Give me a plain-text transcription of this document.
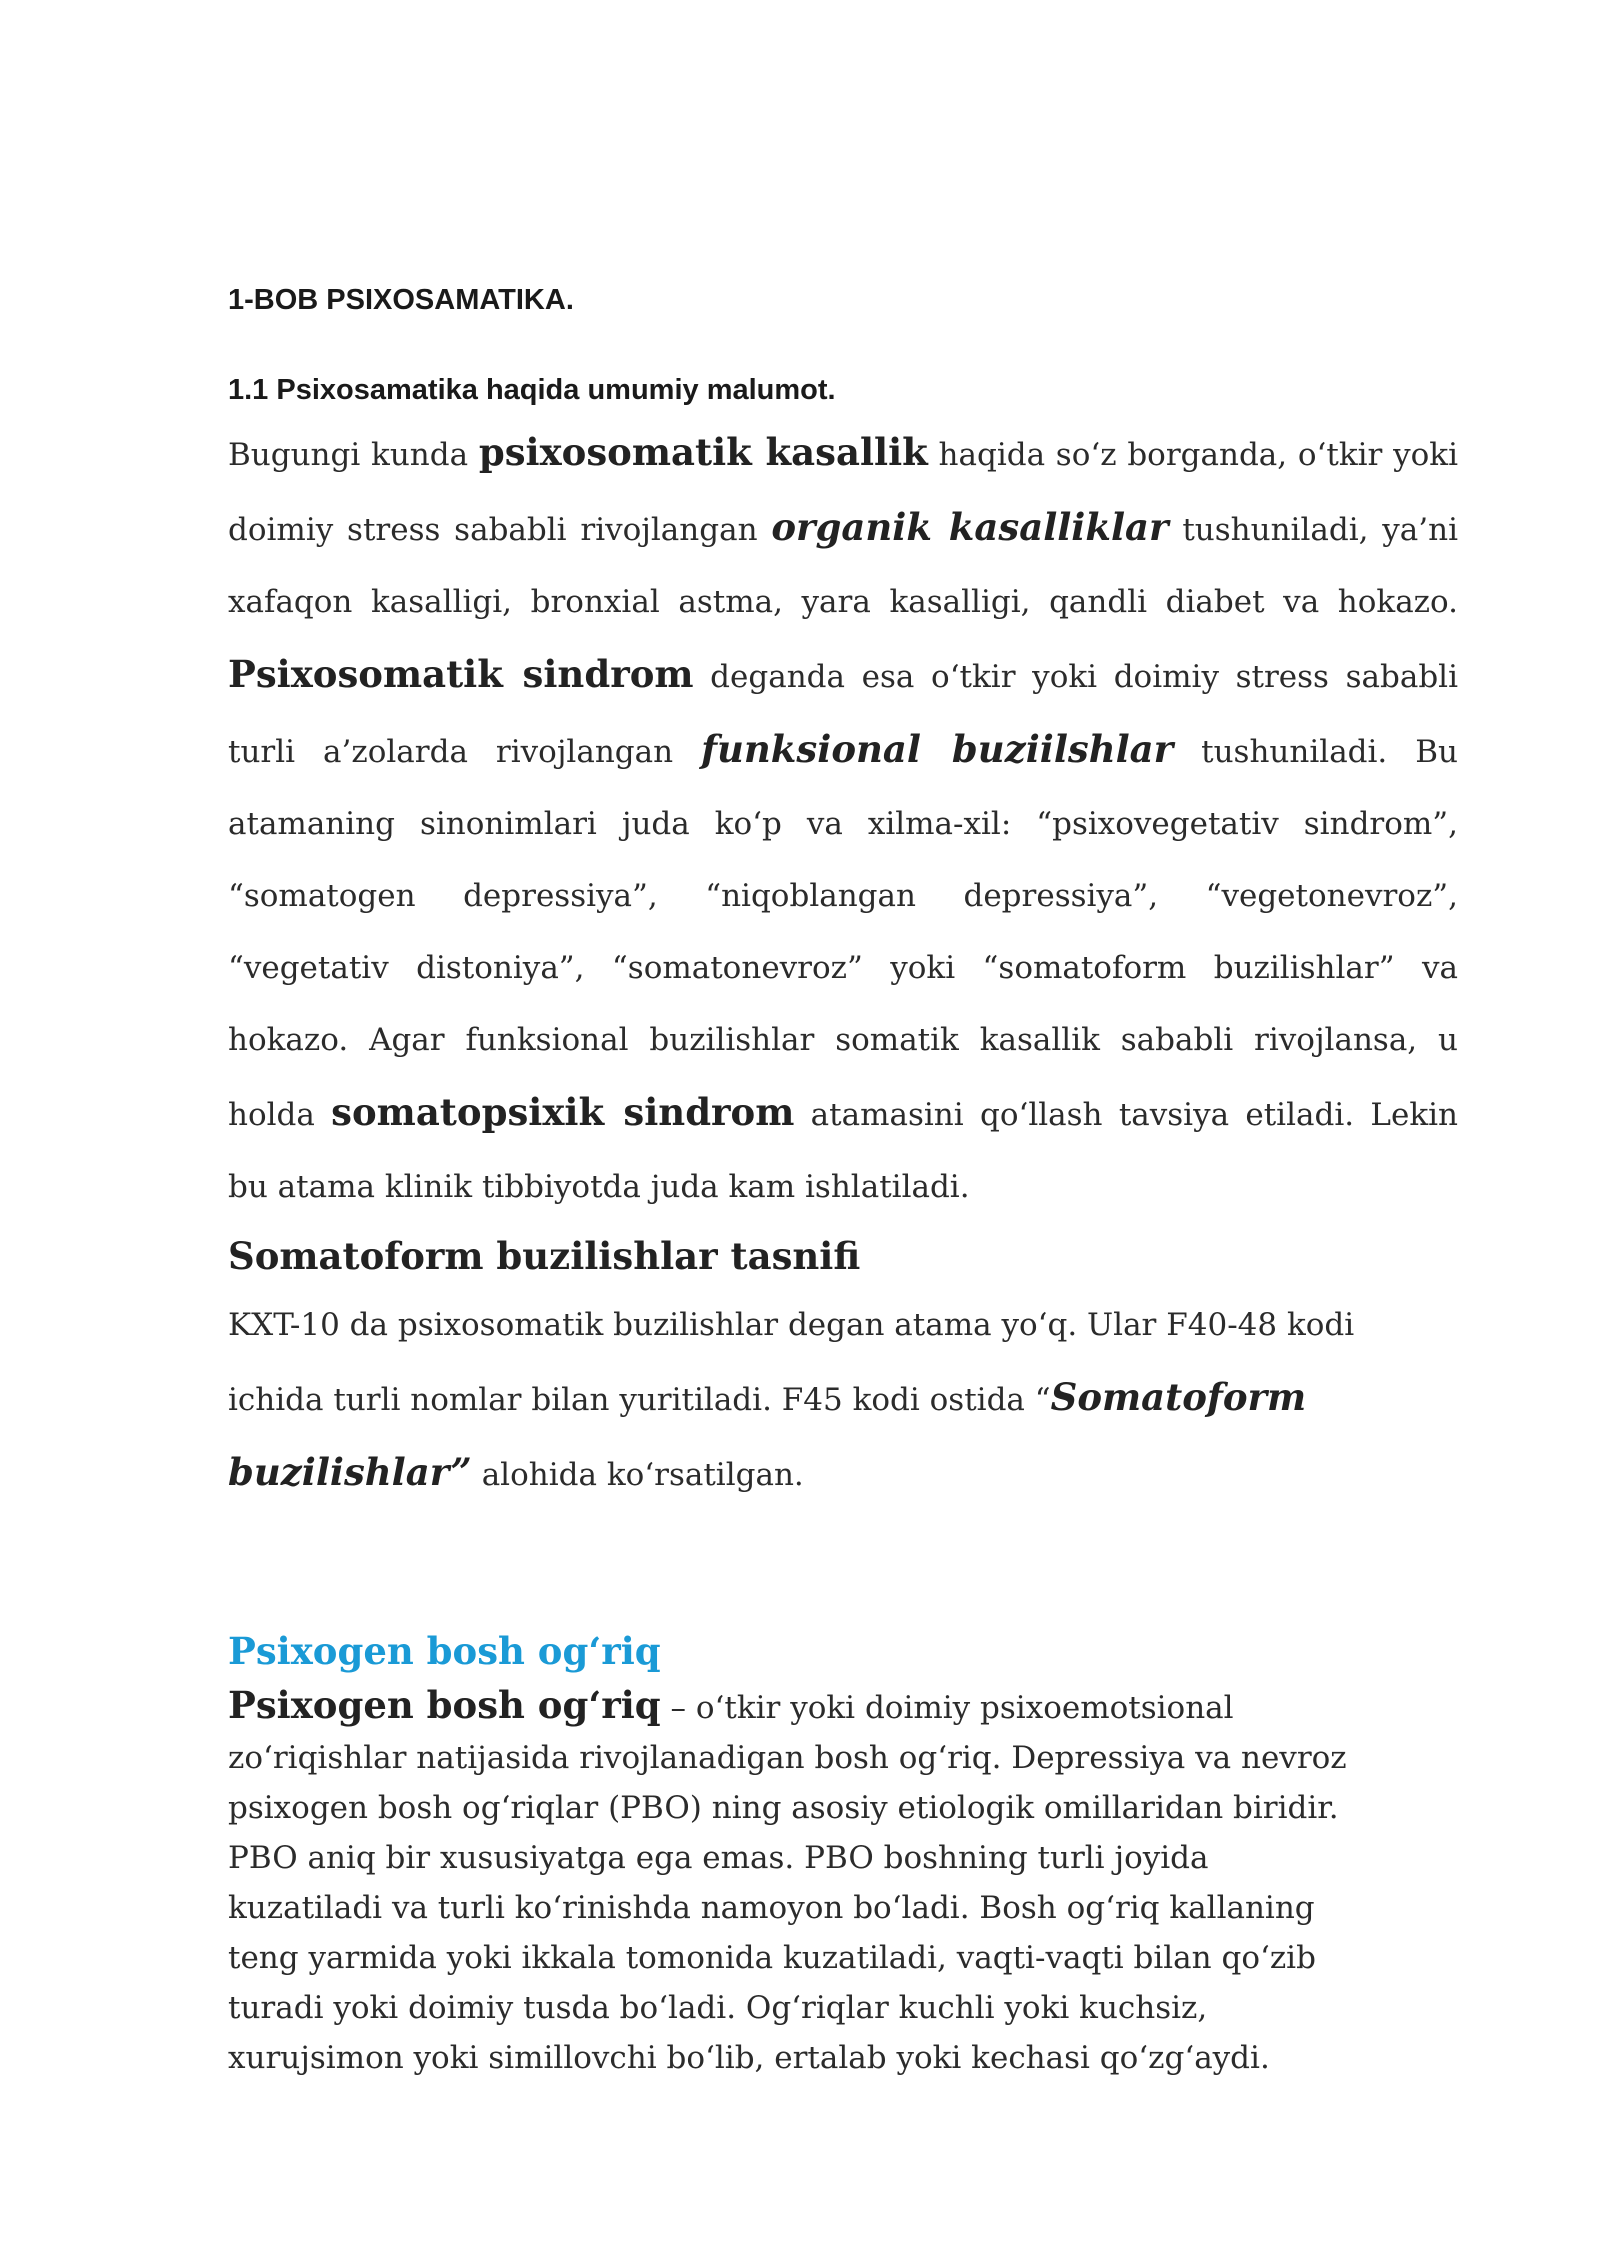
1-BOB PSIXOSAMATIKA.
1.1 Psixosamatika haqida umumiy malumot.

Bugungi kunda psixosomatik kasallik haqida so‘z borganda, o‘tkir yoki doimiy stress sababli rivojlangan organik kasalliklar tushuniladi, ya’ni xafaqon kasalligi, bronxial astma, yara kasalligi, qandli diabet va hokazo. Psixosomatik sindrom deganda esa o‘tkir yoki doimiy stress sababli turli a’zolarda rivojlangan funksional buziilshlar tushuniladi. Bu atamaning sinonimlari juda ko‘p va xilma-xil: “psixovegetativ sindrom”, “somatogen depressiya”, “niqoblangan depressiya”, “vegetonevroz”, “vegetativ distoniya”, “somatonevroz” yoki “somatoform buzilishlar” va hokazo. Agar funksional buzilishlar somatik kasallik sababli rivojlansa, u holda somatopsixik sindrom atamasini qo‘llash tavsiya etiladi. Lekin bu atama klinik tibbiyotda juda kam ishlatiladi.

Somatoform buzilishlar tasnifi

KXT-10 da psixosomatik buzilishlar degan atama yo‘q. Ular F40-48 kodi ichida turli nomlar bilan yuritiladi. F45 kodi ostida “Somatoform buzilishlar” alohida ko‘rsatilgan.

Psixogen bosh og‘riq

Psixogen bosh og‘riq – o‘tkir yoki doimiy psixoemotsional zo‘riqishlar natijasida rivojlanadigan bosh og‘riq. Depressiya va nevroz psixogen bosh og‘riqlar (PBO) ning asosiy etiologik omillaridan biridir. PBO aniq bir xususiyatga ega emas. PBO boshning turli joyida kuzatiladi va turli ko‘rinishda namoyon bo‘ladi. Bosh og‘riq kallaning teng yarmida yoki ikkala tomonida kuzatiladi, vaqti-vaqti bilan qo‘zib turadi yoki doimiy tusda bo‘ladi. Og‘riqlar kuchli yoki kuchsiz, xurujsimon yoki simillovchi bo‘lib, ertalab yoki kechasi qo‘zg‘aydi.
